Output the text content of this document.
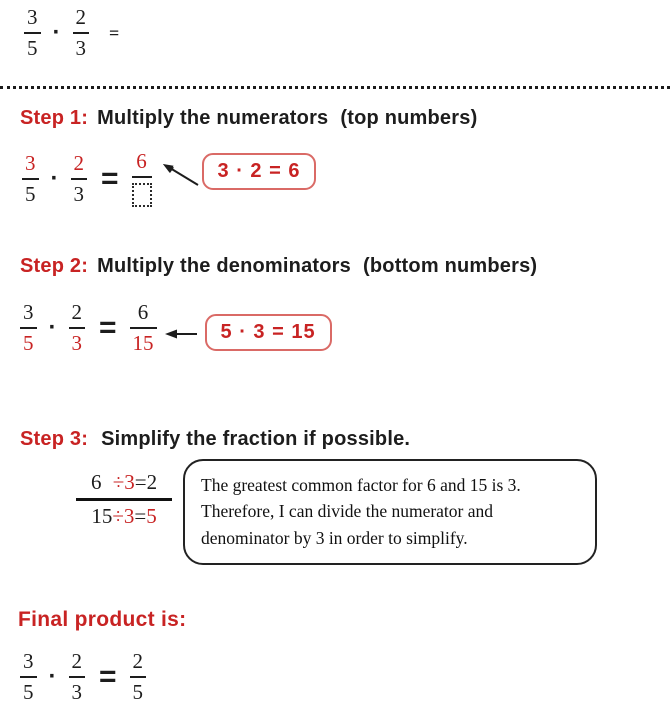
$\frac{3}{5} \cdot \frac{2}{3}$ =
Step 1: Multiply the numerators (top numbers)
$\frac{3}{5} \cdot \frac{2}{3}$ =
6	3 · 2 = 6
Step 2: Multiply the denominators (bottom numbers)
$\frac{3}{5} \cdot \frac{2}{3} = \frac{6}{15}$	5 · 3 = 15
Step 3: Simplify the fraction if possible.
6 ÷3=2
15÷3=5
The greatest common factor for 6 and 15 is 3.
Therefore, I can divide the numerator and
denominator by 3 in order to simplify.
Final product is:
$\frac{3}{5} \cdot \frac{2}{3} = \frac{2}{5}$
